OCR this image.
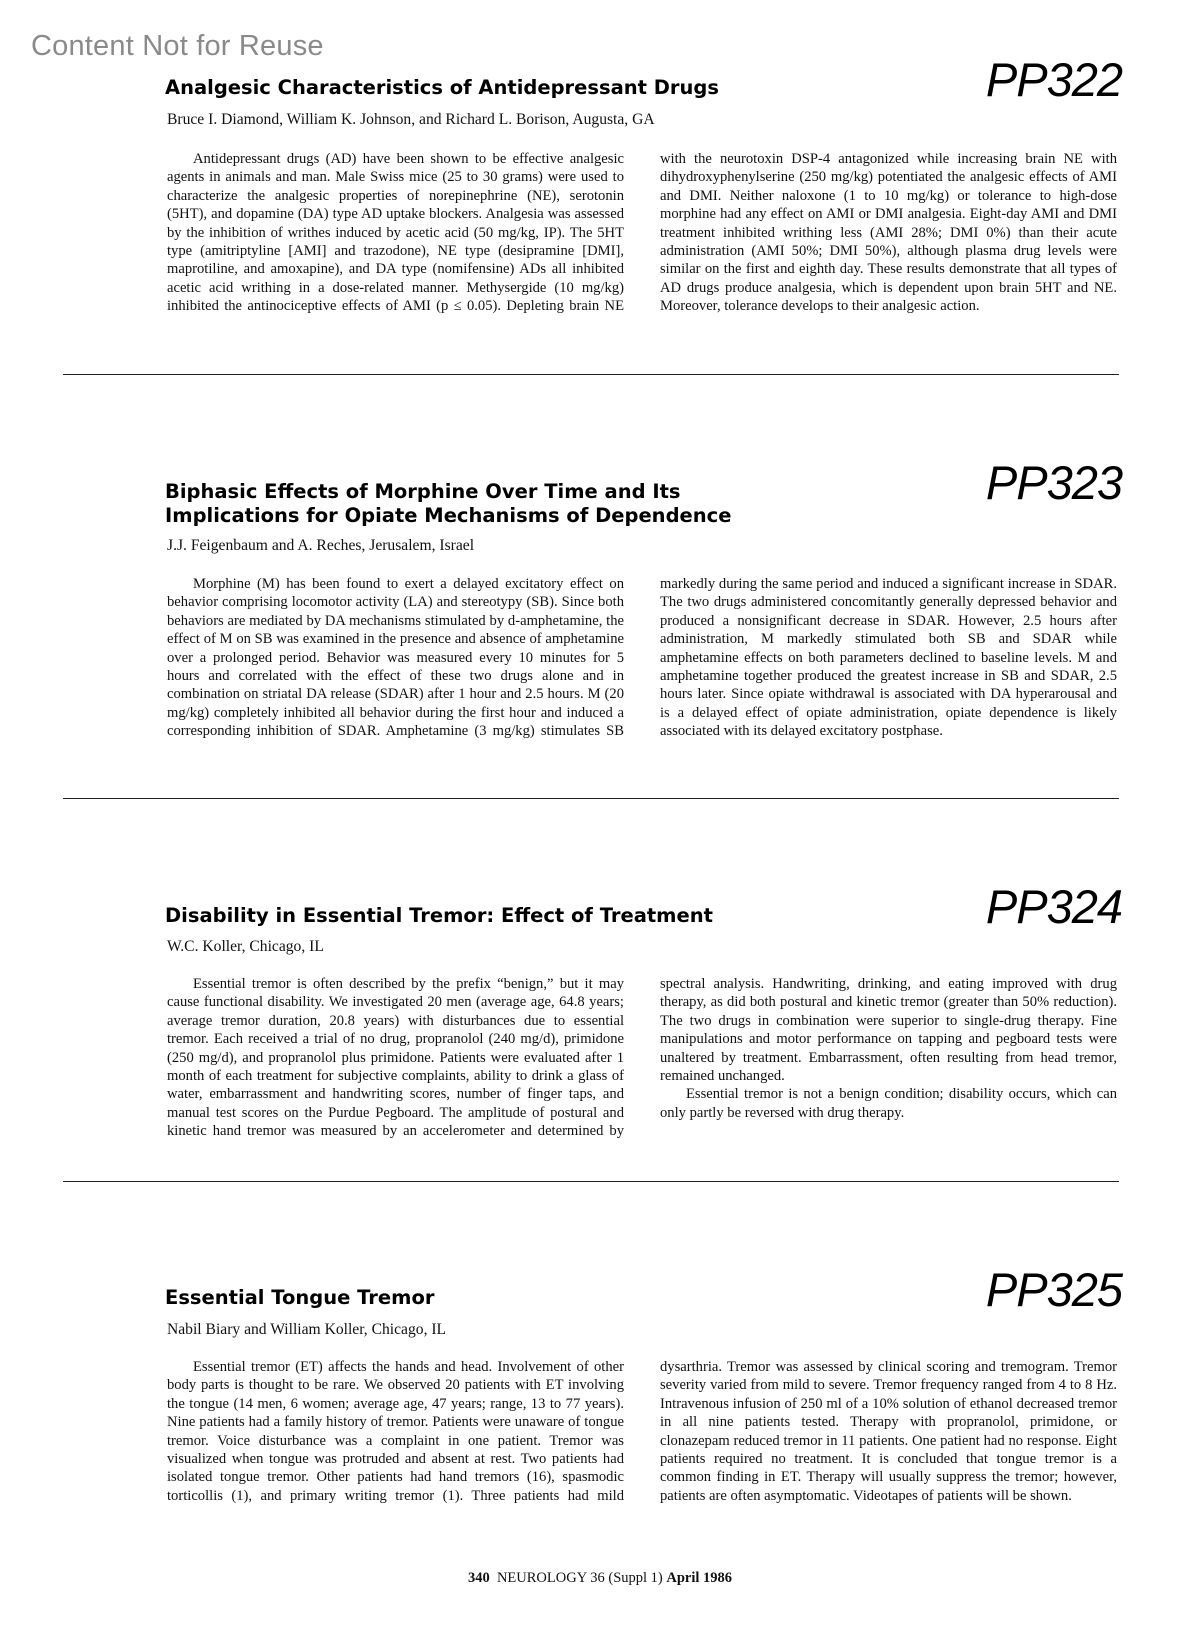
Content Not for Reuse
PP322
Analgesic Characteristics of Antidepressant Drugs
Bruce I. Diamond, William K. Johnson, and Richard L. Borison, Augusta, GA

Antidepressant drugs (AD) have been shown to be effective analgesic agents in animals and man. Male Swiss mice (25 to 30 grams) were used to characterize the analgesic properties of norepinephrine (NE), serotonin (5HT), and dopamine (DA) type AD uptake blockers. Analgesia was assessed by the inhibition of writhes induced by acetic acid (50 mg/kg, IP). The 5HT type (amitriptyline [AMI] and trazodone), NE type (desipramine [DMI], maprotiline, and amoxapine), and DA type (nomifensine) ADs all inhibited acetic acid writhing in a dose-related manner. Methysergide (10 mg/kg) inhibited the antinociceptive effects of AMI (p ≤ 0.05). Depleting brain NE with the neurotoxin DSP-4 antagonized while increasing brain NE with dihydroxyphenylserine (250 mg/kg) potentiated the analgesic effects of AMI and DMI. Neither naloxone (1 to 10 mg/kg) or tolerance to high-dose morphine had any effect on AMI or DMI analgesia. Eight-day AMI and DMI treatment inhibited writhing less (AMI 28%; DMI 0%) than their acute administration (AMI 50%; DMI 50%), although plasma drug levels were similar on the first and eighth day. These results demonstrate that all types of AD drugs produce analgesia, which is dependent upon brain 5HT and NE. Moreover, tolerance develops to their analgesic action.

PP323
Biphasic Effects of Morphine Over Time and Its
Implications for Opiate Mechanisms of Dependence
J.J. Feigenbaum and A. Reches, Jerusalem, Israel

Morphine (M) has been found to exert a delayed excitatory effect on behavior comprising locomotor activity (LA) and stereotypy (SB). Since both behaviors are mediated by DA mechanisms stimulated by d-amphetamine, the effect of M on SB was examined in the presence and absence of amphetamine over a prolonged period. Behavior was measured every 10 minutes for 5 hours and correlated with the effect of these two drugs alone and in combination on striatal DA release (SDAR) after 1 hour and 2.5 hours. M (20 mg/kg) completely inhibited all behavior during the first hour and induced a corresponding inhibition of SDAR. Amphetamine (3 mg/kg) stimulates SB markedly during the same period and induced a significant increase in SDAR. The two drugs administered concomitantly generally depressed behavior and produced a nonsignificant decrease in SDAR. However, 2.5 hours after administration, M markedly stimulated both SB and SDAR while amphetamine effects on both parameters declined to baseline levels. M and amphetamine together produced the greatest increase in SB and SDAR, 2.5 hours later. Since opiate withdrawal is associated with DA hyperarousal and is a delayed effect of opiate administration, opiate dependence is likely associated with its delayed excitatory postphase.

PP324
Disability in Essential Tremor: Effect of Treatment
W.C. Koller, Chicago, IL

Essential tremor is often described by the prefix “benign,” but it may cause functional disability. We investigated 20 men (average age, 64.8 years; average tremor duration, 20.8 years) with disturbances due to essential tremor. Each received a trial of no drug, propranolol (240 mg/d), primidone (250 mg/d), and propranolol plus primidone. Patients were evaluated after 1 month of each treatment for subjective complaints, ability to drink a glass of water, embarrassment and handwriting scores, number of finger taps, and manual test scores on the Purdue Pegboard. The amplitude of postural and kinetic hand tremor was measured by an accelerometer and determined by spectral analysis. Handwriting, drinking, and eating improved with drug therapy, as did both postural and kinetic tremor (greater than 50% reduction). The two drugs in combination were superior to single-drug therapy. Fine manipulations and motor performance on tapping and pegboard tests were unaltered by treatment. Embarrassment, often resulting from head tremor, remained unchanged.

Essential tremor is not a benign condition; disability occurs, which can only partly be reversed with drug therapy.

PP325
Essential Tongue Tremor
Nabil Biary and William Koller, Chicago, IL

Essential tremor (ET) affects the hands and head. Involvement of other body parts is thought to be rare. We observed 20 patients with ET involving the tongue (14 men, 6 women; average age, 47 years; range, 13 to 77 years). Nine patients had a family history of tremor. Patients were unaware of tongue tremor. Voice disturbance was a complaint in one patient. Tremor was visualized when tongue was protruded and absent at rest. Two patients had isolated tongue tremor. Other patients had hand tremors (16), spasmodic torticollis (1), and primary writing tremor (1). Three patients had mild dysarthria. Tremor was assessed by clinical scoring and tremogram. Tremor severity varied from mild to severe. Tremor frequency ranged from 4 to 8 Hz. Intravenous infusion of 250 ml of a 10% solution of ethanol decreased tremor in all nine patients tested. Therapy with propranolol, primidone, or clonazepam reduced tremor in 11 patients. One patient had no response. Eight patients required no treatment. It is concluded that tongue tremor is a common finding in ET. Therapy will usually suppress the tremor; however, patients are often asymptomatic. Videotapes of patients will be shown.

340 NEUROLOGY 36 (Suppl 1) April 1986
